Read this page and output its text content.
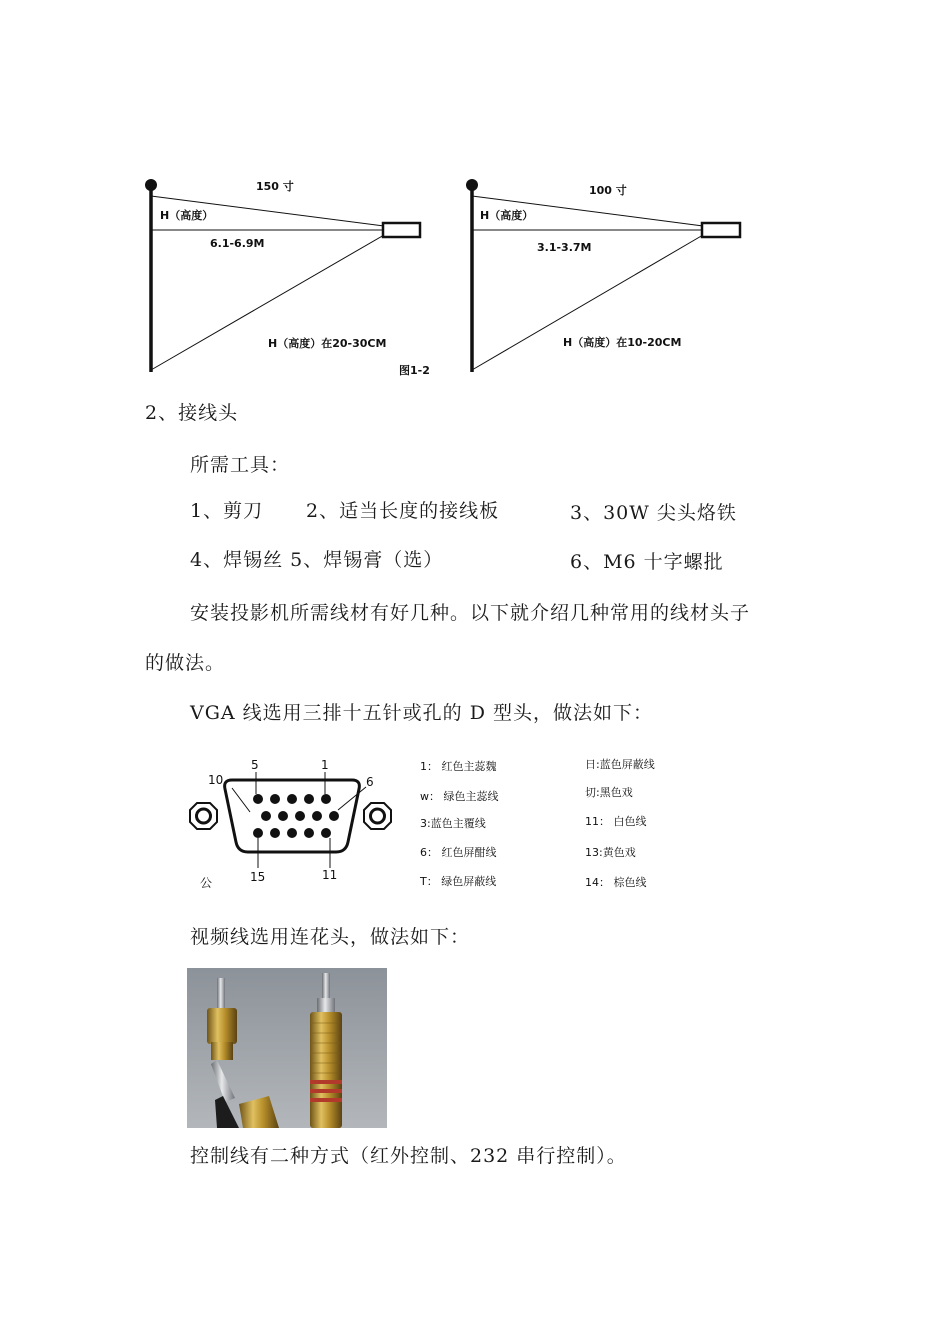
150 寸
H（高度）
6.1-6.9M
H（高度）在20-30CM
图1-2
100 寸
H（高度）
3.1-3.7M
H（高度）在10-20CM
2、接线头
所需工具：
1、剪刀 2、适当长度的接线板	3、30W 尖头烙铁
4、焊锡丝 5、焊锡膏（选）	6、M6 十字螺批
安装投影机所需线材有好几种。以下就介绍几种常用的线材头子
的做法。
VGA 线选用三排十五针或孔的 D 型头，做法如下：
5	1
10	6
15	11
公
1： 红色主蕊魏
w： 绿色主蕊线
3:蓝色主覆线
6： 红色屏酣线
T： 绿色屏蔽线
日:蓝色屏蔽线
切:黑色戏
11： 白色线
13:黄色戏
14： 棕色线
视频线选用连花头，做法如下：
控制线有二种方式（红外控制、232 串行控制）。
